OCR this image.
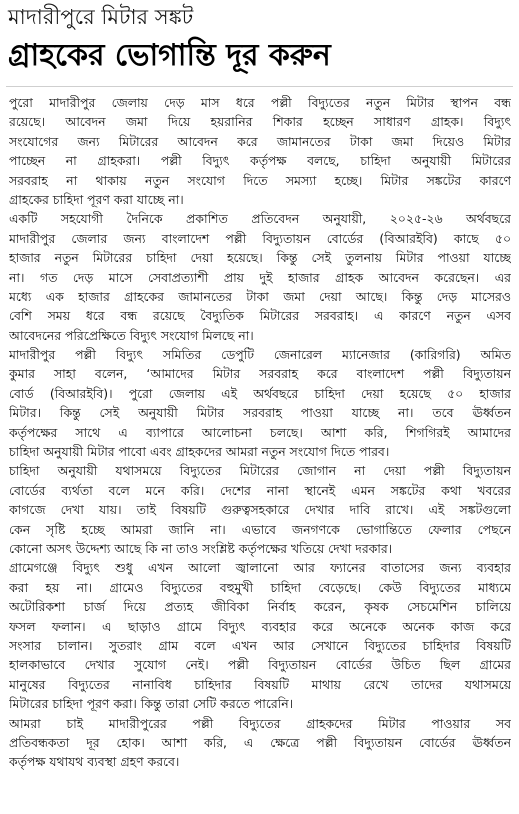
মাদারীপুরে মিটার সঙ্কট
গ্রাহকের ভোগান্তি দূর করুন
পুরো মাদারীপুর জেলায় দেড় মাস ধরে পল্লী বিদ্যুতের নতুন মিটার স্থাপন বন্ধ
রয়েছে। আবেদন জমা দিয়ে হয়রানির শিকার হচ্ছেন সাধারণ গ্রাহক। বিদ্যুৎ
সংযোগের জন্য মিটারের আবেদন করে জামানতের টাকা জমা দিয়েও মিটার
পাচ্ছেন না গ্রাহকরা। পল্লী বিদ্যুৎ কর্তৃপক্ষ বলছে, চাহিদা অনুযায়ী মিটারের
সরবরাহ না থাকায় নতুন সংযোগ দিতে সমস্যা হচ্ছে। মিটার সঙ্কটের কারণে
গ্রাহকের চাহিদা পূরণ করা যাচ্ছে না।
একটি সহযোগী দৈনিকে প্রকাশিত প্রতিবেদন অনুযায়ী, ২০২৫-২৬ অর্থবছরে
মাদারীপুর জেলার জন্য বাংলাদেশ পল্লী বিদ্যুতায়ন বোর্ডের (বিআরইবি) কাছে ৫০
হাজার নতুন মিটারের চাহিদা দেয়া হয়েছে। কিন্তু সেই তুলনায় মিটার পাওয়া যাচ্ছে
না। গত দেড় মাসে সেবাপ্রত্যাশী প্রায় দুই হাজার গ্রাহক আবেদন করেছেন। এর
মধ্যে এক হাজার গ্রাহকের জামানতের টাকা জমা দেয়া আছে। কিন্তু দেড় মাসেরও
বেশি সময় ধরে বন্ধ রয়েছে বৈদ্যুতিক মিটারের সরবরাহ। এ কারণে নতুন এসব
আবেদনের পরিপ্রেক্ষিতে বিদ্যুৎ সংযোগ মিলছে না।
মাদারীপুর পল্লী বিদ্যুৎ সমিতির ডেপুটি জেনারেল ম্যানেজার (কারিগরি) অমিত
কুমার সাহা বলেন, ‘আমাদের মিটার সরবরাহ করে বাংলাদেশ পল্লী বিদ্যুতায়ন
বোর্ড (বিআরইবি)। পুরো জেলায় এই অর্থবছরে চাহিদা দেয়া হয়েছে ৫০ হাজার
মিটার। কিন্তু সেই অনুযায়ী মিটার সরবরাহ পাওয়া যাচ্ছে না। তবে ঊর্ধ্বতন
কর্তৃপক্ষের সাথে এ ব্যাপারে আলোচনা চলছে। আশা করি, শিগগিরই আমাদের
চাহিদা অনুযায়ী মিটার পাবো এবং গ্রাহকদের আমরা নতুন সংযোগ দিতে পারব।
চাহিদা অনুযায়ী যথাসময়ে বিদ্যুতের মিটারের জোগান না দেয়া পল্লী বিদ্যুতায়ন
বোর্ডের ব্যর্থতা বলে মনে করি। দেশের নানা স্থানেই এমন সঙ্কটের কথা খবরের
কাগজে দেখা যায়। তাই বিষয়টি গুরুত্বসহকারে দেখার দাবি রাখে। এই সঙ্কটগুলো
কেন সৃষ্টি হচ্ছে আমরা জানি না। এভাবে জনগণকে ভোগান্তিতে ফেলার পেছনে
কোনো অসৎ উদ্দেশ্য আছে কি না তাও সংশ্লিষ্ট কর্তৃপক্ষের খতিয়ে দেখা দরকার।
গ্রামেগঞ্জে বিদ্যুৎ শুধু এখন আলো জ্বালানো আর ফ্যানের বাতাসের জন্য ব্যবহার
করা হয় না। গ্রামেও বিদ্যুতের বহুমুখী চাহিদা বেড়েছে। কেউ বিদ্যুতের মাধ্যমে
অটোরিকশা চার্জ দিয়ে প্রত্যহ জীবিকা নির্বাহ করেন, কৃষক সেচমেশিন চালিয়ে
ফসল ফলান। এ ছাড়াও গ্রামে বিদ্যুৎ ব্যবহার করে অনেকে অনেক কাজ করে
সংসার চালান। সুতরাং গ্রাম বলে এখন আর সেখানে বিদ্যুতের চাহিদার বিষয়টি
হালকাভাবে দেখার সুযোগ নেই। পল্লী বিদ্যুতায়ন বোর্ডের উচিত ছিল গ্রামের
মানুষের বিদ্যুতের নানাবিধ চাহিদার বিষয়টি মাথায় রেখে তাদের যথাসময়ে
মিটারের চাহিদা পূরণ করা। কিন্তু তারা সেটি করতে পারেনি।
আমরা চাই মাদারীপুরের পল্লী বিদ্যুতের গ্রাহকদের মিটার পাওয়ার সব
প্রতিবন্ধকতা দূর হোক। আশা করি, এ ক্ষেত্রে পল্লী বিদ্যুতায়ন বোর্ডের ঊর্ধ্বতন
কর্তৃপক্ষ যথাযথ ব্যবস্থা গ্রহণ করবে।
